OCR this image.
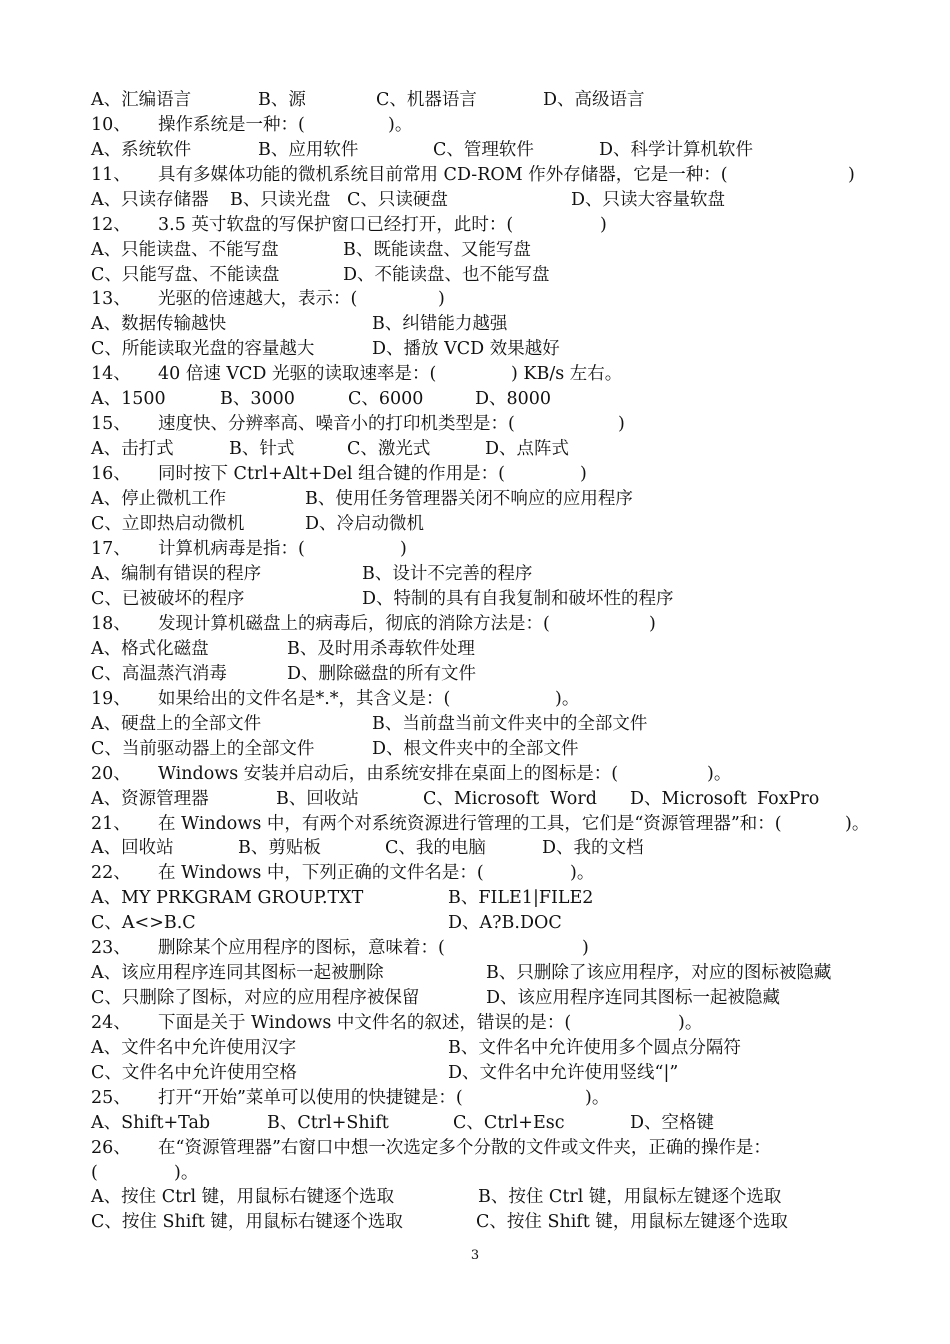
A、汇编语言	B、源	C、机器语言	D、高级语言
10、 操作系统是一种：(	)。
A、系统软件	B、应用软件	C、管理软件	D、科学计算机软件
11、 具有多媒体功能的微机系统目前常用 CD-ROM 作外存储器，它是一种：(	)
A、只读存储器 B、只读光盘 C、只读硬盘	D、只读大容量软盘
12、 3.5 英寸软盘的写保护窗口已经打开，此时：(	)
A、只能读盘、不能写盘	B、既能读盘、又能写盘
C、只能写盘、不能读盘	D、不能读盘、也不能写盘
13、 光驱的倍速越大，表示：(	)
A、数据传输越快	B、纠错能力越强
C、所能读取光盘的容量越大	D、播放 VCD 效果越好
14、 40 倍速 VCD 光驱的读取速率是：(	) KB/s 左右。
A、1500	B、3000	C、6000	D、8000
15、 速度快、分辨率高、噪音小的打印机类型是：(	)
A、击打式	B、针式	C、激光式	D、点阵式
16、 同时按下 Ctrl+Alt+Del 组合键的作用是：(	)
A、停止微机工作	B、使用任务管理器关闭不响应的应用程序
C、立即热启动微机	D、冷启动微机
17、 计算机病毒是指：(	)
A、编制有错误的程序	B、设计不完善的程序
C、已被破坏的程序	D、特制的具有自我复制和破坏性的程序
18、 发现计算机磁盘上的病毒后，彻底的消除方法是：(	)
A、格式化磁盘	B、及时用杀毒软件处理
C、高温蒸汽消毒	D、删除磁盘的所有文件
19、 如果给出的文件名是*.*，其含义是：(	)。
A、硬盘上的全部文件	B、当前盘当前文件夹中的全部文件
C、当前驱动器上的全部文件	D、根文件夹中的全部文件
20、 Windows 安装并启动后，由系统安排在桌面上的图标是：(	)。
A、资源管理器	B、回收站	C、Microsoft Word D、Microsoft FoxPro
21、 在 Windows 中，有两个对系统资源进行管理的工具，它们是“资源管理器”和：(	)。
A、回收站	B、剪贴板	C、我的电脑	D、我的文档
22、 在 Windows 中，下列正确的文件名是：(	)。
A、MY PRKGRAM GROUP.TXT	B、FILE1|FILE2
C、A<>B.C	D、A?B.DOC
23、 删除某个应用程序的图标，意味着：(	)
A、该应用程序连同其图标一起被删除	B、只删除了该应用程序，对应的图标被隐藏
C、只删除了图标，对应的应用程序被保留	D、该应用程序连同其图标一起被隐藏
24、 下面是关于 Windows 中文件名的叙述，错误的是：(	)。
A、文件名中允许使用汉字	B、文件名中允许使用多个圆点分隔符
C、文件名中允许使用空格	D、文件名中允许使用竖线“|”
25、 打开“开始”菜单可以使用的快捷键是：(	)。
A、Shift+Tab	B、Ctrl+Shift	C、Ctrl+Esc	D、空格键
26、 在“资源管理器”右窗口中想一次选定多个分散的文件或文件夹，正确的操作是：
(	)。
A、按住 Ctrl 键，用鼠标右键逐个选取	B、按住 Ctrl 键，用鼠标左键逐个选取
C、按住 Shift 键，用鼠标右键逐个选取	C、按住 Shift 键，用鼠标左键逐个选取
3
